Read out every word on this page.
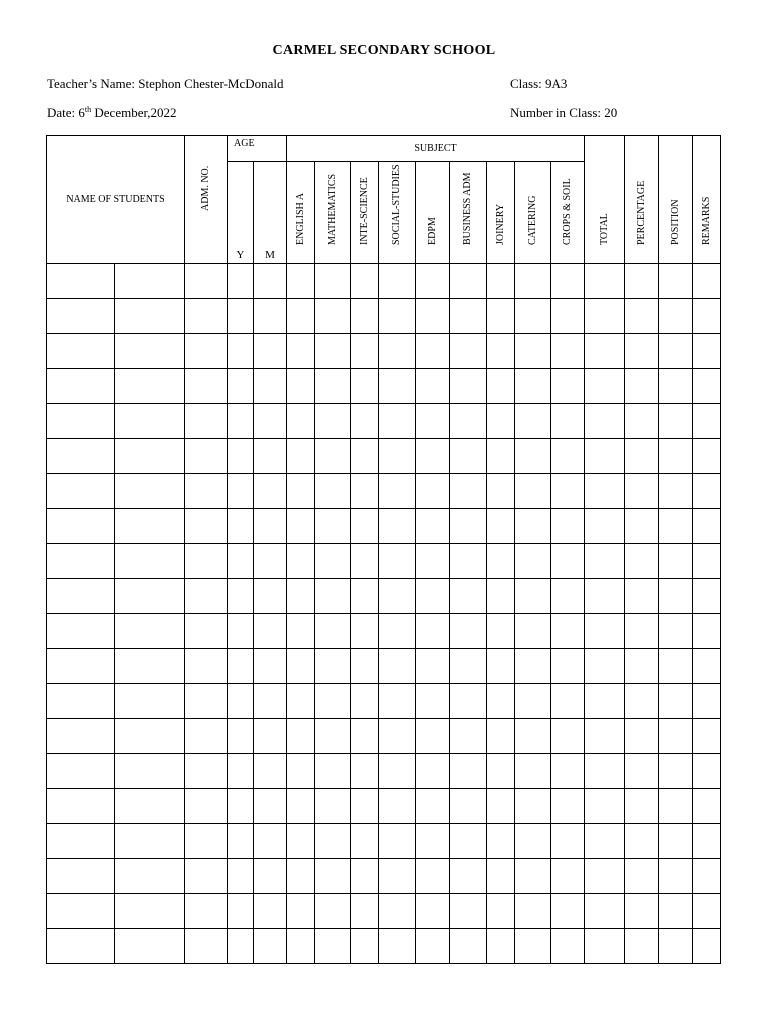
CARMEL SECONDARY SCHOOL
Teacher’s Name: Stephon Chester-McDonald	Class: 9A3
Date: 6th December,2022	Number in Class: 20
NAME OF STUDENTS		ADM. NO.	AGE		SUBJECT									TOTAL	PERCENTAGE	POSITION	REMARKS

			Y	M	ENGLISH A	MATHEMATICS	INTE-SCIENCE	SOCIAL-STUDIES	EDPM	BUSINESS ADM	JOINERY	CATERING	CROPS & SOIL				
